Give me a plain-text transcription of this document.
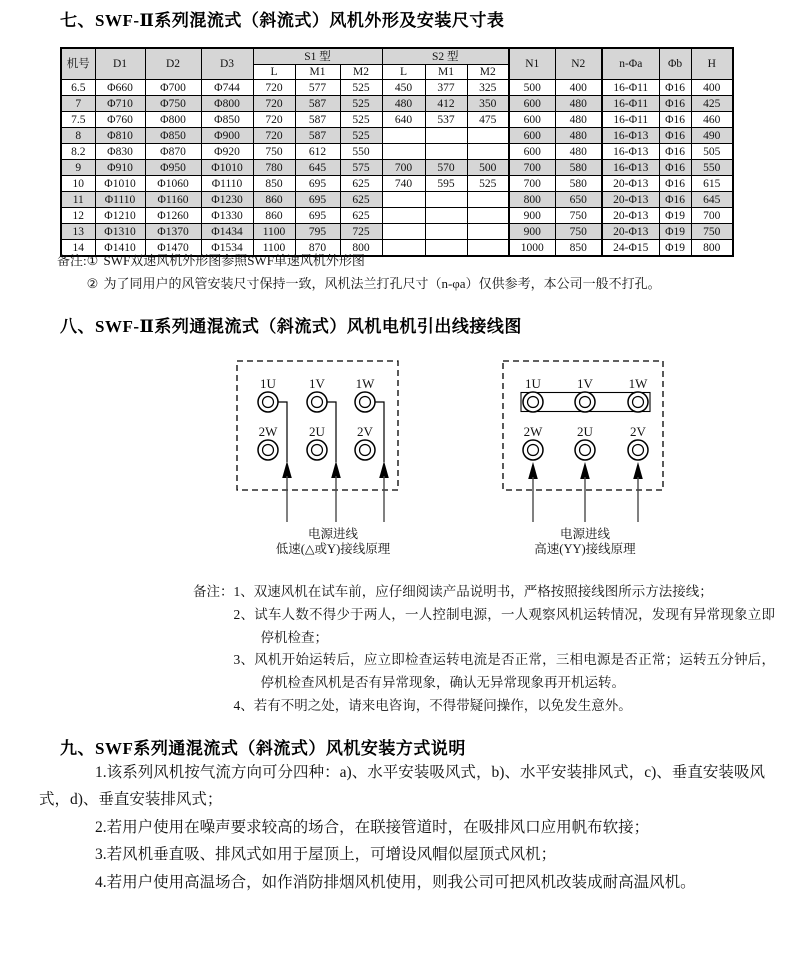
七、SWF-Ⅱ系列混流式（斜流式）风机外形及安装尺寸表
机号	D1	D2	D3	S1 型			S2 型			N1	N2	n-Φa	Φb	H
				L	M1	M2	L	M1	M2					
6.5	Φ660	Φ700	Φ744	720	577	525	450	377	325	500	400	16-Φ11	Φ16	400
7	Φ710	Φ750	Φ800	720	587	525	480	412	350	600	480	16-Φ11	Φ16	425
7.5	Φ760	Φ800	Φ850	720	587	525	640	537	475	600	480	16-Φ11	Φ16	460
8	Φ810	Φ850	Φ900	720	587	525				600	480	16-Φ13	Φ16	490
8.2	Φ830	Φ870	Φ920	750	612	550				600	480	16-Φ13	Φ16	505
9	Φ910	Φ950	Φ1010	780	645	575	700	570	500	700	580	16-Φ13	Φ16	550
10	Φ1010	Φ1060	Φ1110	850	695	625	740	595	525	700	580	20-Φ13	Φ16	615
11	Φ1110	Φ1160	Φ1230	860	695	625				800	650	20-Φ13	Φ16	645
12	Φ1210	Φ1260	Φ1330	860	695	625				900	750	20-Φ13	Φ19	700
13	Φ1310	Φ1370	Φ1434	1100	795	725				900	750	20-Φ13	Φ19	750
14	Φ1410	Φ1470	Φ1534	1100	870	800				1000	850	24-Φ15	Φ19	800
备注: ① SWF双速风机外形图参照SWF单速风机外形图
② 为了同用户的风管安装尺寸保持一致，风机法兰打孔尺寸（n-φa）仅供参考，本公司一般不打孔。
八、SWF-Ⅱ系列通混流式（斜流式）风机电机引出线接线图
1U	1V 1W
2W 2U 2V
电源进线
低速(△或Y)接线原理
1U	1V	1W
2W	2U	2V
电源进线
高速(YY)接线原理
备注： 1、双速风机在试车前，应仔细阅读产品说明书，严格按照接线图所示方法接线；
2、试车人数不得少于两人，一人控制电源，一人观察风机运转情况，发现有异常现象立即停机检查；
3、风机开始运转后，应立即检查运转电流是否正常，三相电源是否正常；运转五分钟后，停机检查风机是否有异常现象，确认无异常现象再开机运转。
4、若有不明之处，请来电咨询，不得带疑问操作，以免发生意外。
九、SWF系列通混流式（斜流式）风机安装方式说明

1.该系列风机按气流方向可分四种：a)、水平安装吸风式，b)、水平安装排风式，c)、垂直安装吸风式，d)、垂直安装排风式；

2.若用户使用在噪声要求较高的场合，在联接管道时，在吸排风口应用帆布软接；

3.若风机垂直吸、排风式如用于屋顶上，可增设风帽似屋顶式风机；

4.若用户使用高温场合，如作消防排烟风机使用，则我公司可把风机改装成耐高温风机。
